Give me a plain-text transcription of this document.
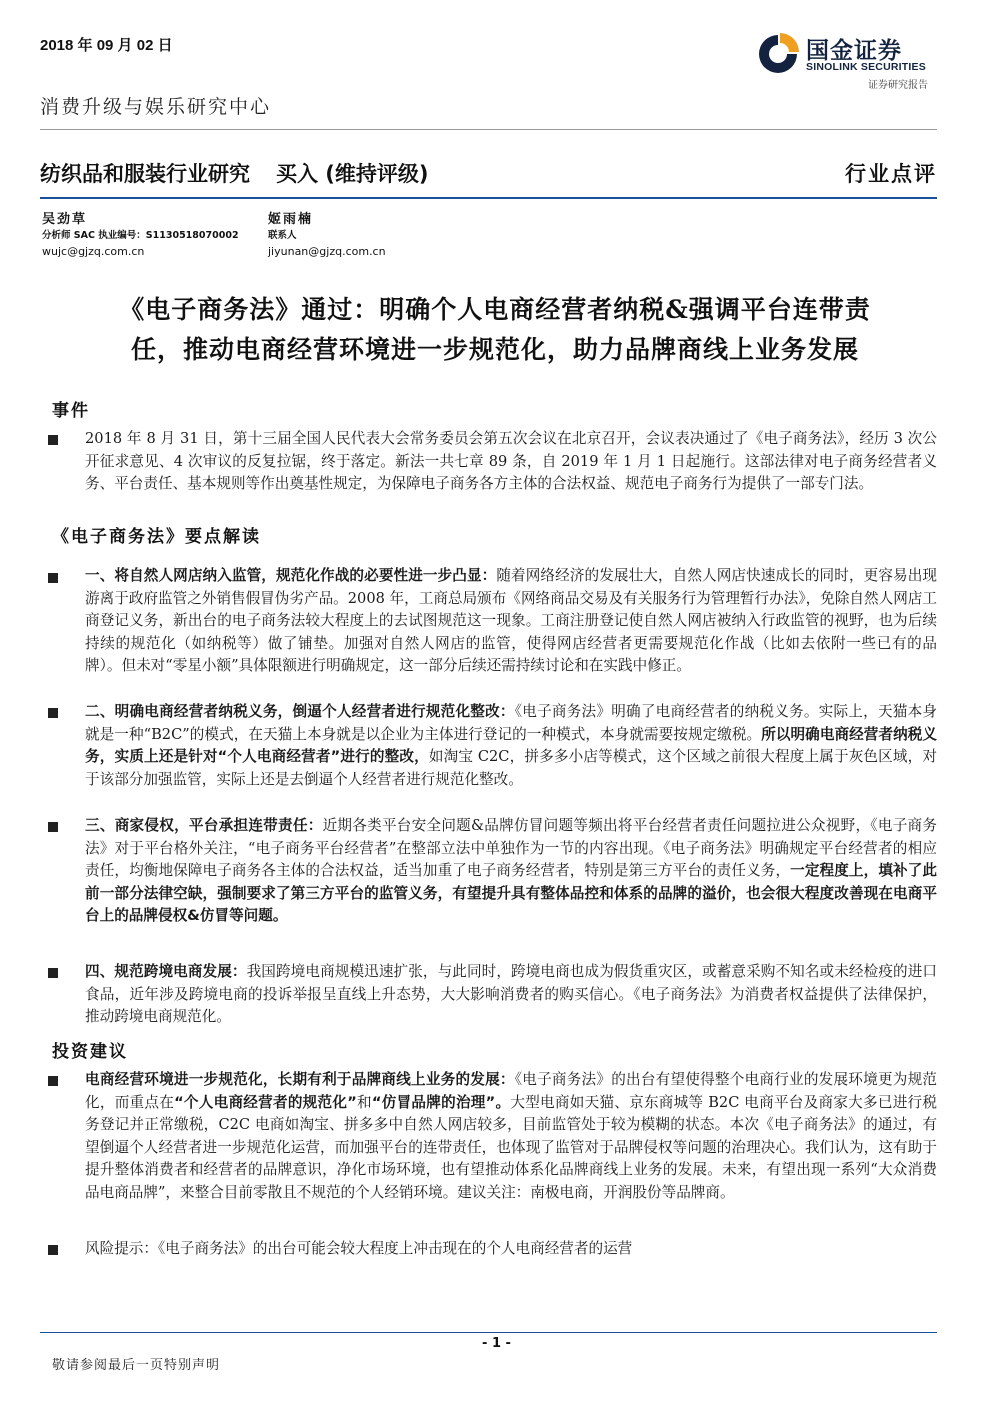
2018 年 09 月 02 日	国金证券
SINOLINK SECURITIES
证券研究报告
消费升级与娱乐研究中心
纺织品和服装行业研究 买入 (维持评级)	行业点评
吴劲草
分析师 SAC 执业编号：S1130518070002
wujc@gjzq.com.cn
姬雨楠
联系人
jiyunan@gjzq.com.cn
《电子商务法》通过：明确个人电商经营者纳税&强调平台连带责
任，推动电商经营环境进一步规范化，助力品牌商线上业务发展
事件
2018 年 8 月 31 日，第十三届全国人民代表大会常务委员会第五次会议在北京召开，会议表决通过了《电子商务法》，经历 3 次公开征求意见、4 次审议的反复拉锯，终于落定。新法一共七章 89 条，自 2019 年 1 月 1 日起施行。这部法律对电子商务经营者义务、平台责任、基本规则等作出奠基性规定，为保障电子商务各方主体的合法权益、规范电子商务行为提供了一部专门法。
《电子商务法》要点解读
一、将自然人网店纳入监管，规范化作战的必要性进一步凸显：随着网络经济的发展壮大，自然人网店快速成长的同时，更容易出现游离于政府监管之外销售假冒伪劣产品。2008 年，工商总局颁布《网络商品交易及有关服务行为管理暂行办法》，免除自然人网店工商登记义务，新出台的电子商务法较大程度上的去试图规范这一现象。工商注册登记使自然人网店被纳入行政监管的视野，也为后续持续的规范化（如纳税等）做了铺垫。加强对自然人网店的监管，使得网店经营者更需要规范化作战（比如去依附一些已有的品牌）。但未对“零星小额”具体限额进行明确规定，这一部分后续还需持续讨论和在实践中修正。
二、明确电商经营者纳税义务，倒逼个人经营者进行规范化整改：《电子商务法》明确了电商经营者的纳税义务。实际上，天猫本身就是一种“B2C”的模式，在天猫上本身就是以企业为主体进行登记的一种模式，本身就需要按规定缴税。所以明确电商经营者纳税义务，实质上还是针对“个人电商经营者”进行的整改，如淘宝 C2C，拼多多小店等模式，这个区域之前很大程度上属于灰色区域，对于该部分加强监管，实际上还是去倒逼个人经营者进行规范化整改。
三、商家侵权，平台承担连带责任：近期各类平台安全问题&品牌仿冒问题等频出将平台经营者责任问题拉进公众视野，《电子商务法》对于平台格外关注，“电子商务平台经营者”在整部立法中单独作为一节的内容出现。《电子商务法》明确规定平台经营者的相应责任，均衡地保障电子商务各主体的合法权益，适当加重了电子商务经营者，特别是第三方平台的责任义务，一定程度上，填补了此前一部分法律空缺，强制要求了第三方平台的监管义务，有望提升具有整体品控和体系的品牌的溢价，也会很大程度改善现在电商平台上的品牌侵权&仿冒等问题。
四、规范跨境电商发展：我国跨境电商规模迅速扩张，与此同时，跨境电商也成为假货重灾区，或蓄意采购不知名或未经检疫的进口食品，近年涉及跨境电商的投诉举报呈直线上升态势，大大影响消费者的购买信心。《电子商务法》为消费者权益提供了法律保护，推动跨境电商规范化。
投资建议
电商经营环境进一步规范化，长期有利于品牌商线上业务的发展：《电子商务法》的出台有望使得整个电商行业的发展环境更为规范化，而重点在“个人电商经营者的规范化”和“仿冒品牌的治理”。大型电商如天猫、京东商城等 B2C 电商平台及商家大多已进行税务登记并正常缴税，C2C 电商如淘宝、拼多多中自然人网店较多，目前监管处于较为模糊的状态。本次《电子商务法》的通过，有望倒逼个人经营者进一步规范化运营，而加强平台的连带责任，也体现了监管对于品牌侵权等问题的治理决心。我们认为，这有助于提升整体消费者和经营者的品牌意识，净化市场环境，也有望推动体系化品牌商线上业务的发展。未来，有望出现一系列“大众消费品电商品牌”，来整合目前零散且不规范的个人经销环境。建议关注：南极电商，开润股份等品牌商。
风险提示：《电子商务法》的出台可能会较大程度上冲击现在的个人电商经营者的运营
- 1 -
敬请参阅最后一页特别声明
